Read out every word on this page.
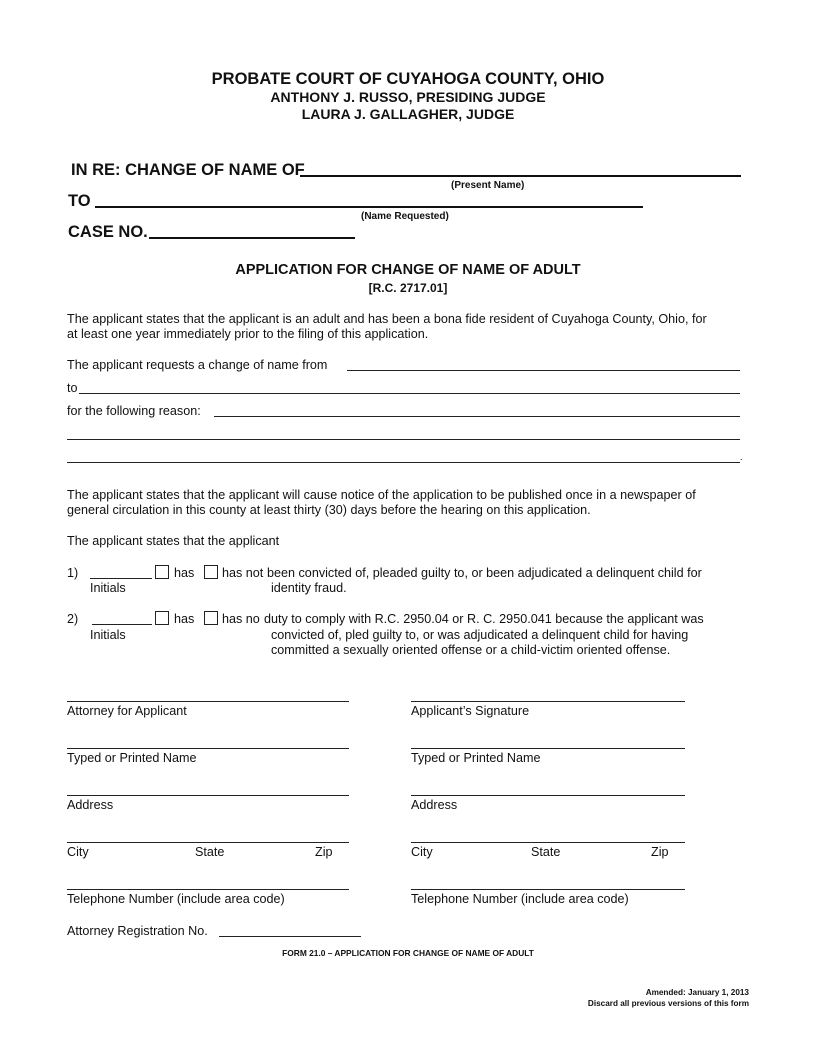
PROBATE COURT OF CUYAHOGA COUNTY, OHIO
ANTHONY J. RUSSO, PRESIDING JUDGE
LAURA J. GALLAGHER, JUDGE
IN RE: CHANGE OF NAME OF
(Present Name)
TO
(Name Requested)
CASE NO.
APPLICATION FOR CHANGE OF NAME OF ADULT
[R.C. 2717.01]
The applicant states that the applicant is an adult and has been a bona fide resident of Cuyahoga County, Ohio, for
at least one year immediately prior to the filing of this application.
The applicant requests a change of name from
to
for the following reason:
.
The applicant states that the applicant will cause notice of the application to be published once in a newspaper of
general circulation in this county at least thirty (30) days before the hearing on this application.
The applicant states that the applicant
1)
Initials
has has not been convicted of, pleaded guilty to, or been adjudicated a delinquent child for
identity fraud.
2)
Initials
has has no duty to comply with R.C. 2950.04 or R. C. 2950.041 because the applicant was
convicted of, pled guilty to, or was adjudicated a delinquent child for having
committed a sexually oriented offense or a child-victim oriented offense.
Attorney for Applicant
Typed or Printed Name
Address
City	State	Zip
Telephone Number (include area code)
Attorney Registration No.
Applicant’s Signature
Typed or Printed Name
Address
City	State	Zip
Telephone Number (include area code)
FORM 21.0 – APPLICATION FOR CHANGE OF NAME OF ADULT
Amended: January 1, 2013
Discard all previous versions of this form
